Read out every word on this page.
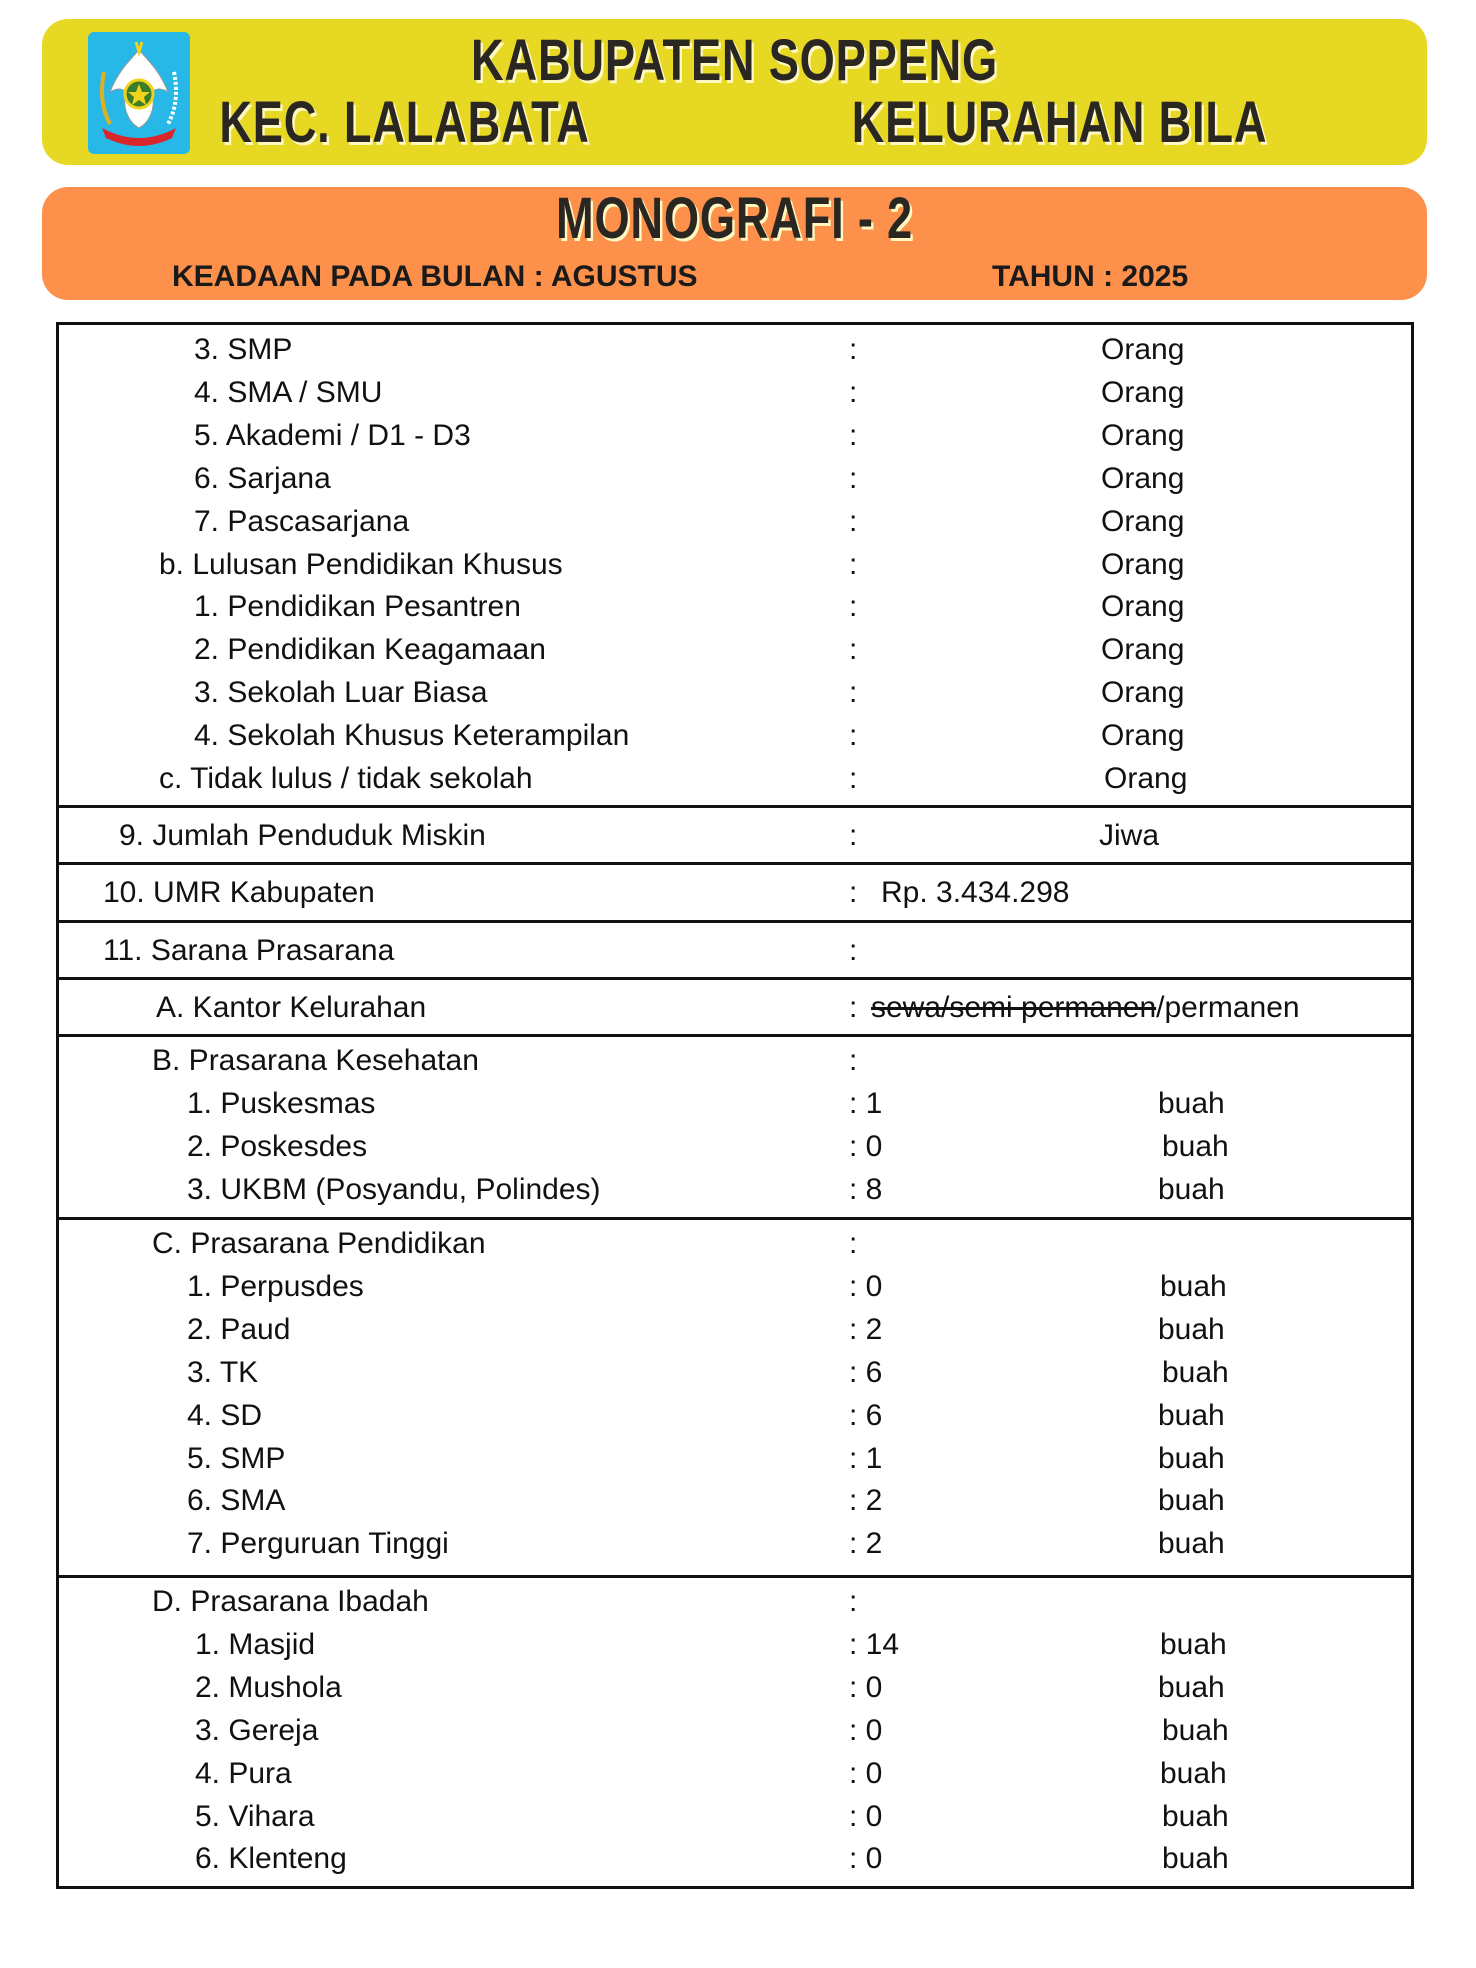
KABUPATEN SOPPENG
KEC. LALABATA	KELURAHAN BILA
MONOGRAFI - 2
KEADAAN PADA BULAN : AGUSTUS	TAHUN : 2025
3. SMP	:	Orang
4. SMA / SMU	:	Orang
5. Akademi / D1 - D3	:	Orang
6. Sarjana	:	Orang
7. Pascasarjana	:	Orang
b. Lulusan Pendidikan Khusus	:	Orang
1. Pendidikan Pesantren	:	Orang
2. Pendidikan Keagamaan	:	Orang
3. Sekolah Luar Biasa	:	Orang
4. Sekolah Khusus Keterampilan	:	Orang
c. Tidak lulus / tidak sekolah	:	Orang
9. Jumlah Penduduk Miskin	:	Jiwa
10. UMR Kabupaten	: Rp. 3.434.298
11. Sarana Prasarana	:
A. Kantor Kelurahan	: sewa/semi permanen/permanen
B. Prasarana Kesehatan	:
1. Puskesmas	: 1	buah
2. Poskesdes	: 0	buah
3. UKBM (Posyandu, Polindes)	: 8	buah
C. Prasarana Pendidikan	:
1. Perpusdes	: 0	buah
2. Paud	: 2	buah
3. TK	: 6	buah
4. SD	: 6	buah
5. SMP	: 1	buah
6. SMA	: 2	buah
7. Perguruan Tinggi	: 2	buah
D. Prasarana Ibadah	:
1. Masjid	: 14	buah
2. Mushola	: 0	buah
3. Gereja	: 0	buah
4. Pura	: 0	buah
5. Vihara	: 0	buah
6. Klenteng	: 0	buah
